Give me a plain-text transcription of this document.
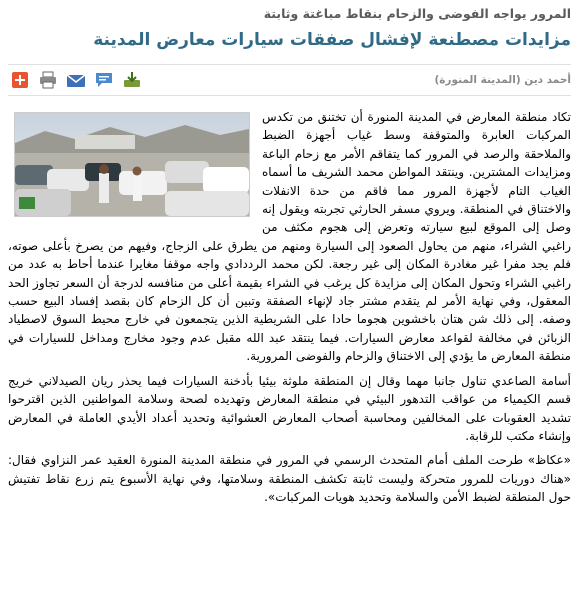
المرور يواجه الفوضى والزحام بنقاط مباغتة وثابتة
مزايدات مصطنعة لإفشال صفقات سيارات معارض المدينة
أحمد دين (المدينة المنورة)

تكاد منطقة المعارض في المدينة المنورة أن تختنق من تكدس المركبات العابرة والمتوقفة وسط غياب أجهزة الضبط والملاحقة والرصد في المرور كما يتفاقم الأمر مع زحام الباعة ومزايدات المشترين. وينتقد المواطن محمد الشريف ما أسماه الغياب التام لأجهزة المرور مما فاقم من حدة الانفلات والاختناق في المنطقة. ويروي مسفر الحارثي تجربته ويقول إنه وصل إلى الموقع لبيع سيارته وتعرض إلى هجوم مكثف من راغبي الشراء، منهم من يحاول الصعود إلى السيارة ومنهم من يطرق على الزجاج، وفيهم من يصرخ بأعلى صوته، فلم يجد مفرا غير مغادرة المكان إلى غير رجعة. لكن محمد الرددادي واجه موقفا مغايرا عندما أحاط به عدد من راغبي الشراء وتحول المكان إلى مزايدة كل يرغب في الشراء بقيمة أعلى من منافسه لدرجة أن السعر تجاوز الحد المعقول، وفي نهاية الأمر لم يتقدم مشتر جاد لإنهاء الصفقة وتبين أن كل الزحام كان بقصد إفساد البيع حسب وصفه. إلى ذلك شن هتان باخشوين هجوما حادا على الشريطية الذين يتجمعون في خارج محيط السوق لاصطياد الزبائن في مخالفة لقواعد معارض السيارات. فيما ينتقد عبد الله مقبل عدم وجود مخارج ومداخل للسيارات في منطقة المعارض ما يؤدي إلى الاختناق والزحام والفوضى المرورية.

أسامة الصاعدي تناول جانبا مهما وقال إن المنطقة ملوثة بيئيا بأدخنة السيارات فيما يحذر ريان الصيدلاني خريج قسم الكيمياء من عواقب التدهور البيئي في منطقة المعارض وتهديده لصحة وسلامة المواطنين الذين اقترحوا تشديد العقوبات على المخالفين ومحاسبة أصحاب المعارض العشوائية وتحديد أعداد الأيدي العاملة في المعارض وإنشاء مكتب للرقابة.

«عكاظ» طرحت الملف أمام المتحدث الرسمي في المرور في منطقة المدينة المنورة العقيد عمر النزاوي فقال: «هناك دوريات للمرور متحركة وليست ثابتة تكشف المنطقة وسلامتها، وفي نهاية الأسبوع يتم زرع نقاط تفتيش حول المنطقة لضبط الأمن والسلامة وتحديد هويات المركبات».
